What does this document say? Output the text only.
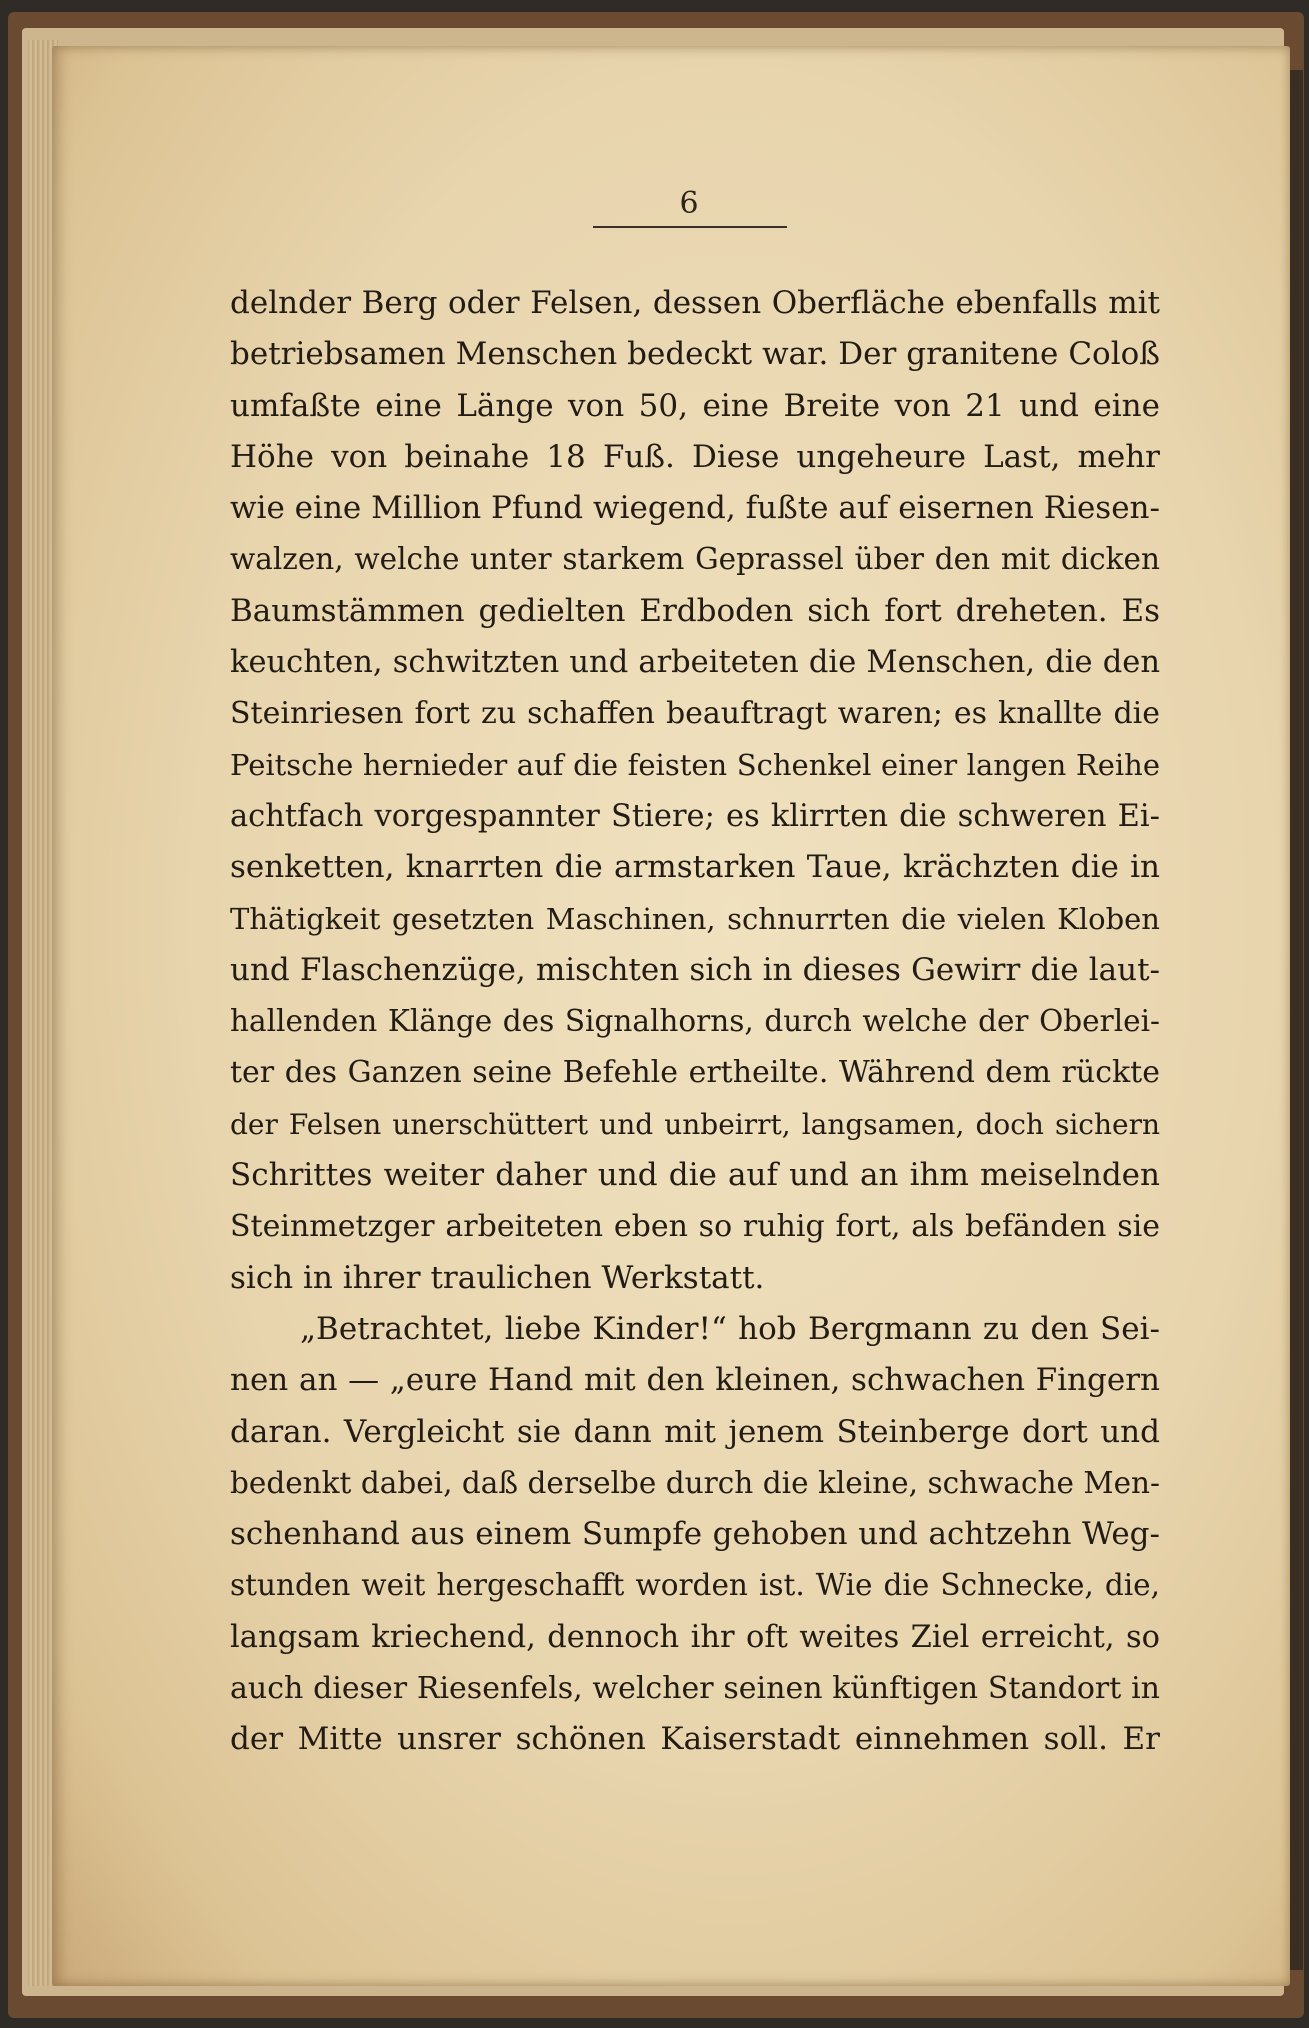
6
delnder Berg oder Felsen, dessen Oberfläche ebenfalls mit
betriebsamen Menschen bedeckt war. Der granitene Coloß
umfaßte eine Länge von 50, eine Breite von 21 und eine
Höhe von beinahe 18 Fuß. Diese ungeheure Last, mehr
wie eine Million Pfund wiegend, fußte auf eisernen Riesen-
walzen, welche unter starkem Geprassel über den mit dicken
Baumstämmen gedielten Erdboden sich fort dreheten. Es
keuchten, schwitzten und arbeiteten die Menschen, die den
Steinriesen fort zu schaffen beauftragt waren; es knallte die
Peitsche hernieder auf die feisten Schenkel einer langen Reihe
achtfach vorgespannter Stiere; es klirrten die schweren Ei-
senketten, knarrten die armstarken Taue, krächzten die in
Thätigkeit gesetzten Maschinen, schnurrten die vielen Kloben
und Flaschenzüge, mischten sich in dieses Gewirr die laut-
hallenden Klänge des Signalhorns, durch welche der Oberlei-
ter des Ganzen seine Befehle ertheilte. Während dem rückte
der Felsen unerschüttert und unbeirrt, langsamen, doch sichern
Schrittes weiter daher und die auf und an ihm meiselnden
Steinmetzger arbeiteten eben so ruhig fort, als befänden sie
sich in ihrer traulichen Werkstatt.
„Betrachtet, liebe Kinder!“ hob Bergmann zu den Sei-
nen an — „eure Hand mit den kleinen, schwachen Fingern
daran. Vergleicht sie dann mit jenem Steinberge dort und
bedenkt dabei, daß derselbe durch die kleine, schwache Men-
schenhand aus einem Sumpfe gehoben und achtzehn Weg-
stunden weit hergeschafft worden ist. Wie die Schnecke, die,
langsam kriechend, dennoch ihr oft weites Ziel erreicht, so
auch dieser Riesenfels, welcher seinen künftigen Standort in
der Mitte unsrer schönen Kaiserstadt einnehmen soll. Er
